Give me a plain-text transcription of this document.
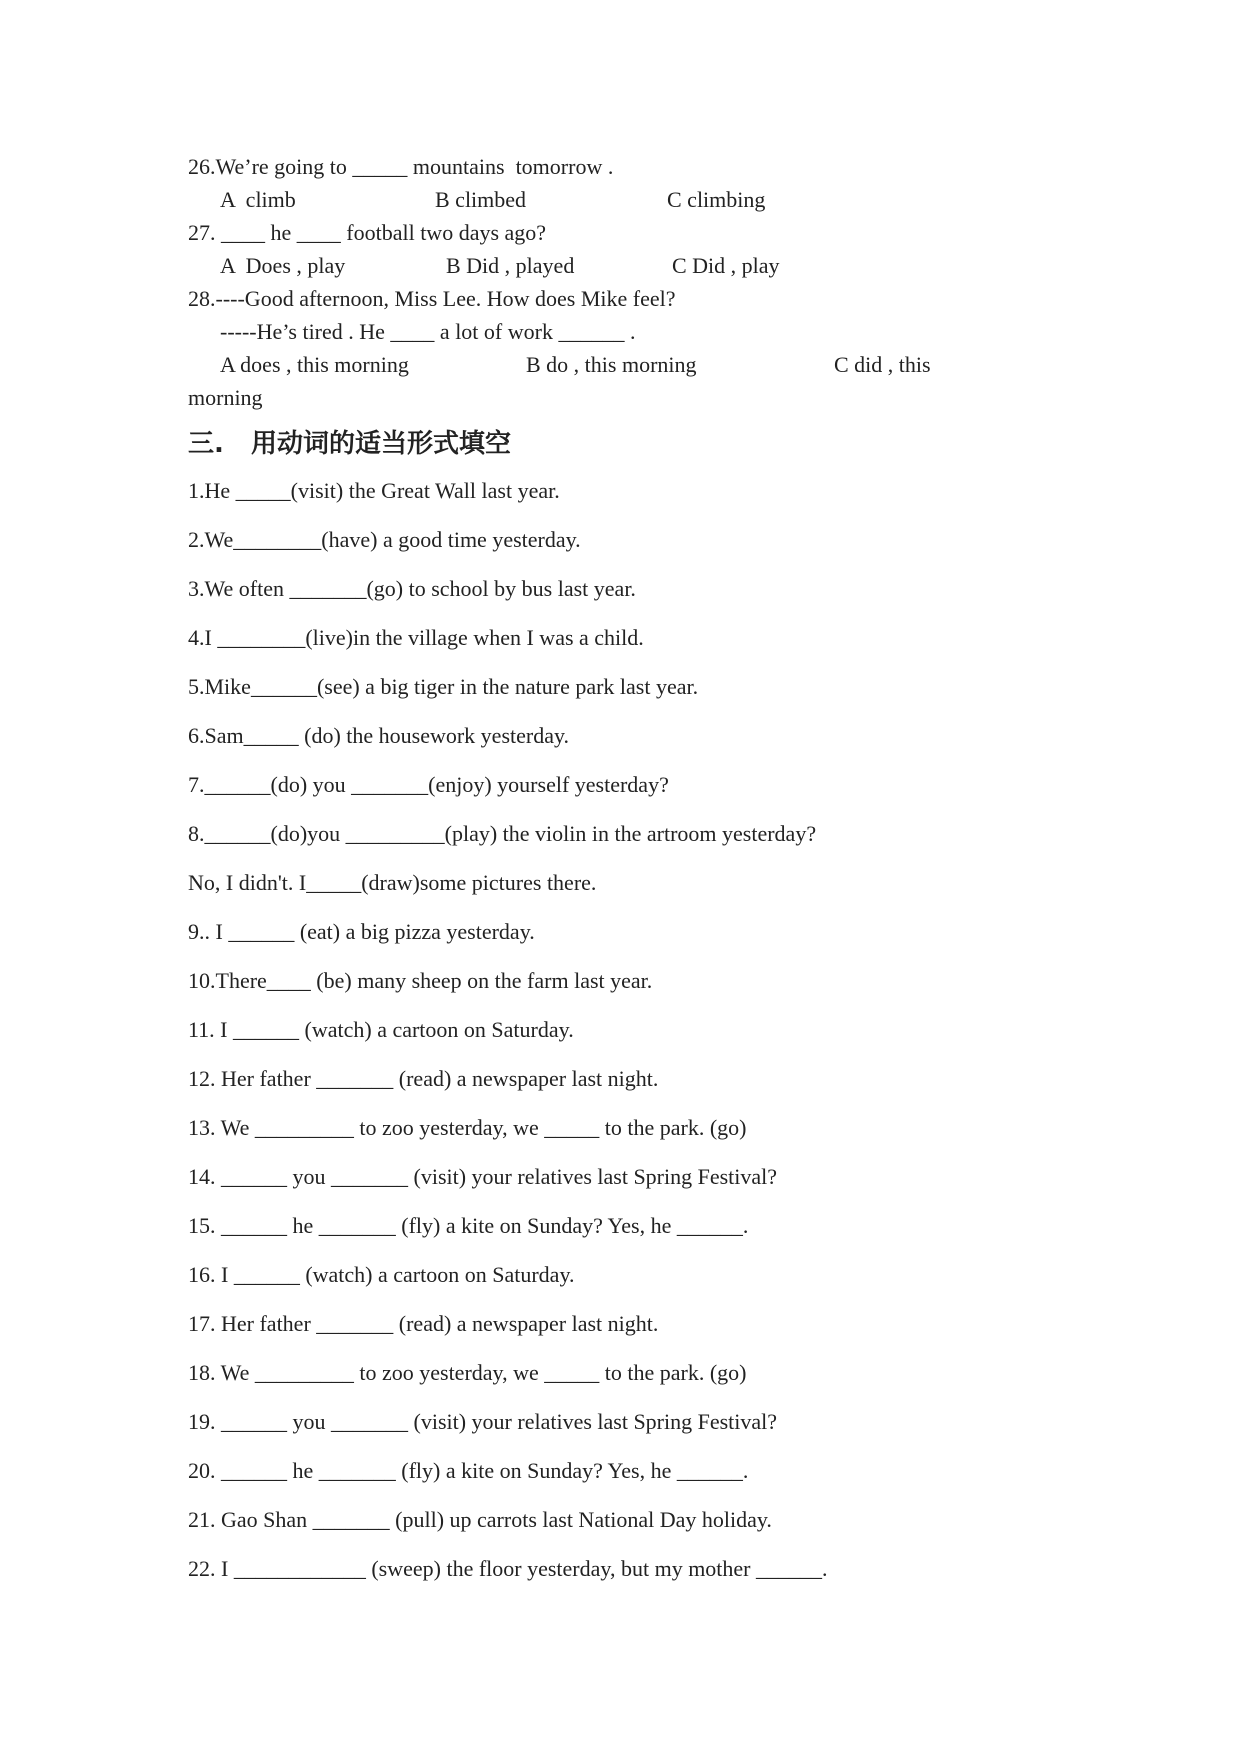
26.We’re going to _____ mountains  tomorrow .

A  climb

	B climbed

	C climbing

27. ____ he ____ football two days ago?

A  Does , play

	B Did , played

	C Did , play

28.----Good afternoon, Miss Lee. How does Mike feel?
-----He’s tired . He ____ a lot of work ______ .

A does , this morning

	B do , this morning

	C did , this

morning
三.   用动词的适当形式填空
1.He _____(visit) the Great Wall last year.
2.We________(have) a good time yesterday.
3.We often _______(go) to school by bus last year.
4.I ________(live)in the village when I was a child.
5.Mike______(see) a big tiger in the nature park last year.
6.Sam_____ (do) the housework yesterday.
7.______(do) you _______(enjoy) yourself yesterday?
8.______(do)you _________(play) the violin in the artroom yesterday?
No, I didn't. I_____(draw)some pictures there.
9.. I ______ (eat) a big pizza yesterday.
10.There____ (be) many sheep on the farm last year.
11. I ______ (watch) a cartoon on Saturday.
12. Her father _______ (read) a newspaper last night.
13. We _________ to zoo yesterday, we _____ to the park. (go)
14. ______ you _______ (visit) your relatives last Spring Festival?
15. ______ he _______ (fly) a kite on Sunday? Yes, he ______.
16. I ______ (watch) a cartoon on Saturday.
17. Her father _______ (read) a newspaper last night.
18. We _________ to zoo yesterday, we _____ to the park. (go)
19. ______ you _______ (visit) your relatives last Spring Festival?
20. ______ he _______ (fly) a kite on Sunday? Yes, he ______.
21. Gao Shan _______ (pull) up carrots last National Day holiday.
22. I ____________ (sweep) the floor yesterday, but my mother ______.
